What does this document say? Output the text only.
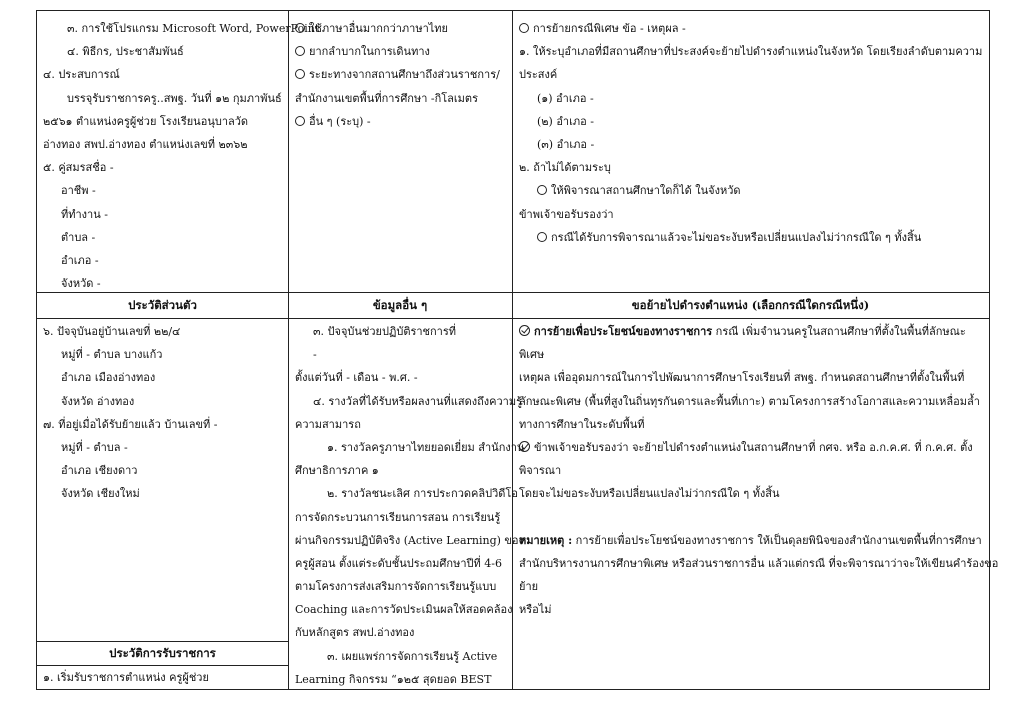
๓. การใช้โปรแกรม Microsoft Word, PowerPoint
๔. พิธีกร, ประชาสัมพันธ์
๔. ประสบการณ์
บรรจุรับราชการครู..สพฐ. วันที่ ๑๒ กุมภาพันธ์
๒๕๖๑ ตำแหน่งครูผู้ช่วย โรงเรียนอนุบาลวัด
อ่างทอง สพป.อ่างทอง ตำแหน่งเลขที่ ๒๓๖๒
๕. คู่สมรสชื่อ -
อาชีพ -
ที่ทำงาน -
ตำบล -
อำเภอ -
จังหวัด -
ใช้ภาษาอื่นมากกว่าภาษาไทย
ยากลำบากในการเดินทาง
ระยะทางจากสถานศึกษาถึงส่วนราชการ/
สำนักงานเขตพื้นที่การศึกษา -กิโลเมตร
อื่น ๆ (ระบุ) -
การย้ายกรณีพิเศษ ข้อ - เหตุผล -
๑. ให้ระบุอำเภอที่มีสถานศึกษาที่ประสงค์จะย้ายไปดำรงตำแหน่งในจังหวัด โดยเรียงลำดับตามความ
ประสงค์
(๑) อำเภอ -
(๒) อำเภอ -
(๓) อำเภอ -
๒. ถ้าไม่ได้ตามระบุ
ให้พิจารณาสถานศึกษาใดก็ได้ ในจังหวัด
ข้าพเจ้าขอรับรองว่า
กรณีได้รับการพิจารณาแล้วจะไม่ขอระงับหรือเปลี่ยนแปลงไม่ว่ากรณีใด ๆ ทั้งสิ้น
ประวัติส่วนตัว	ข้อมูลอื่น ๆ	ขอย้ายไปดำรงตำแหน่ง (เลือกกรณีใดกรณีหนึ่ง)
ประวัติการรับราชการ
๖. ปัจจุบันอยู่บ้านเลขที่ ๒๒/๔
หมู่ที่ - ตำบล บางแก้ว
อำเภอ เมืองอ่างทอง
จังหวัด อ่างทอง
๗. ที่อยู่เมื่อได้รับย้ายแล้ว บ้านเลขที่ -
หมู่ที่ - ตำบล -
อำเภอ เชียงดาว
จังหวัด เชียงใหม่
๑. เริ่มรับราชการตำแหน่ง ครูผู้ช่วย
๓. ปัจจุบันช่วยปฏิบัติราชการที่
-
ตั้งแต่วันที่ - เดือน - พ.ศ. -
๔. รางวัลที่ได้รับหรือผลงานที่แสดงถึงความรู้
ความสามารถ
๑. รางวัลครูภาษาไทยยอดเยี่ยม สำนักงาน
ศึกษาธิการภาค ๑
๒. รางวัลชนะเลิศ การประกวดคลิปวิดีโอ
การจัดกระบวนการเรียนการสอน การเรียนรู้
ผ่านกิจกรรมปฏิบัติจริง (Active Learning) ของ
ครูผู้สอน ตั้งแต่ระดับชั้นประถมศึกษาปีที่ 4-6
ตามโครงการส่งเสริมการจัดการเรียนรู้แบบ
Coaching และการวัดประเมินผลให้สอดคล้อง
กับหลักสูตร สพป.อ่างทอง
๓. เผยแพร่การจัดการเรียนรู้ Active
Learning กิจกรรม “๑๒๕ สุดยอด BEST
การย้ายเพื่อประโยชน์ของทางราชการ กรณี เพิ่มจำนวนครูในสถานศึกษาที่ตั้งในพื้นที่ลักษณะ
พิเศษ
เหตุผล เพื่ออุดมการณ์ในการไปพัฒนาการศึกษาโรงเรียนที่ สพฐ. กำหนดสถานศึกษาที่ตั้งในพื้นที่
ลักษณะพิเศษ (พื้นที่สูงในถิ่นทุรกันดารและพื้นที่เกาะ) ตามโครงการสร้างโอกาสและความเหลื่อมล้ำ
ทางการศึกษาในระดับพื้นที่
ข้าพเจ้าขอรับรองว่า จะย้ายไปดำรงตำแหน่งในสถานศึกษาที่ กศจ. หรือ อ.ก.ค.ศ. ที่ ก.ค.ศ. ตั้ง
พิจารณา
โดยจะไม่ขอระงับหรือเปลี่ยนแปลงไม่ว่ากรณีใด ๆ ทั้งสิ้น
หมายเหตุ : การย้ายเพื่อประโยชน์ของทางราชการ ให้เป็นดุลยพินิจของสำนักงานเขตพื้นที่การศึกษา
สำนักบริหารงานการศึกษาพิเศษ หรือส่วนราชการอื่น แล้วแต่กรณี ที่จะพิจารณาว่าจะให้เขียนคำร้องขอ
ย้าย
หรือไม่
